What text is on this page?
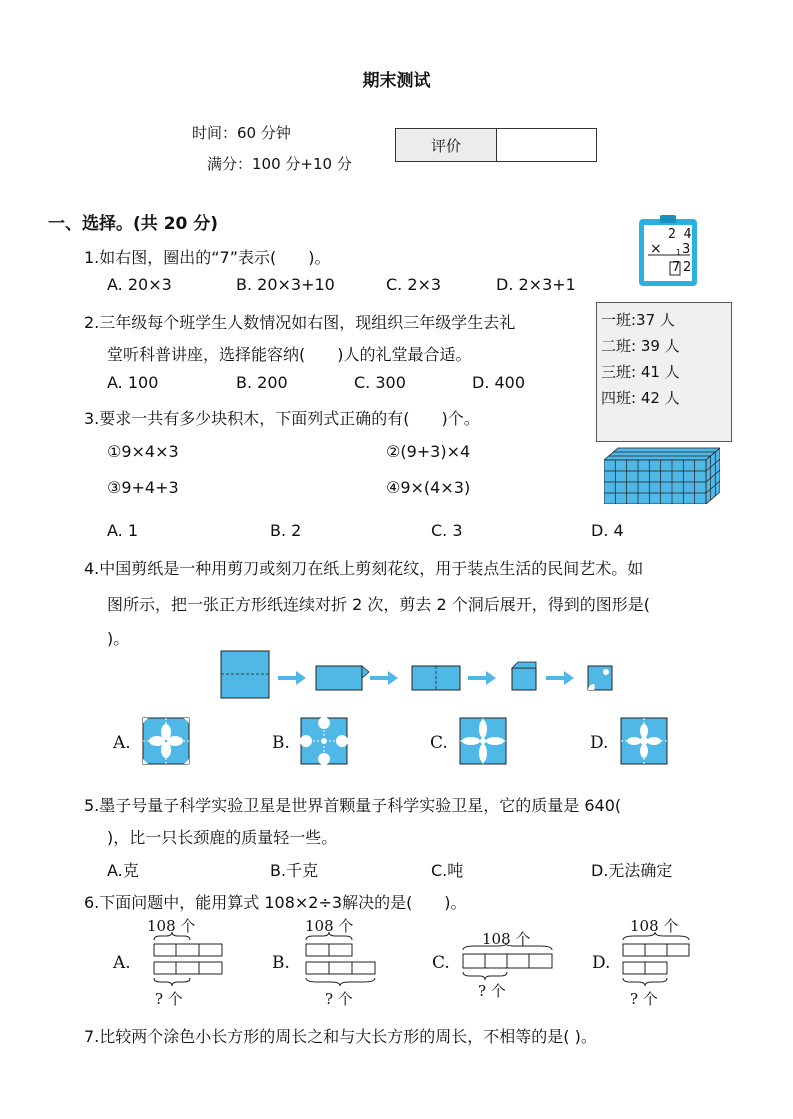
期末测试
时间：60 分钟
满分：100 分+10 分
评价
一、选择。(共 20 分)
1.如右图，圈出的“7”表示(　　)。
A. 20×3	B. 20×3+10	C. 2×3	D. 2×3+1
2 4
× 1 3
7 2
2.三年级每个班学生人数情况如右图，现组织三年级学生去礼
堂听科普讲座，选择能容纳(　　)人的礼堂最合适。
A. 100	B. 200	C. 300	D. 400
一班:37 人
二班: 39 人
三班: 41 人
四班: 42 人
3.要求一共有多少块积木，下面列式正确的有(　　)个。
①9×4×3	②(9+3)×4
③9+4+3	④9×(4×3)
A. 1	B. 2	C. 3	D. 4
4.中国剪纸是一种用剪刀或刻刀在纸上剪刻花纹，用于装点生活的民间艺术。如
图所示，把一张正方形纸连续对折 2 次，剪去 2 个洞后展开，得到的图形是(
)。
A.	B.	C.	D.
5.墨子号量子科学实验卫星是世界首颗量子科学实验卫星，它的质量是 640(
)，比一只长颈鹿的质量轻一些。
A.克	B.千克	C.吨	D.无法确定
6.下面问题中，能用算式 108×2÷3解决的是(　　)。
A.	B.	C.	D.
108 个
? 个
108 个
? 个
108 个
? 个
108 个
? 个
7.比较两个涂色小长方形的周长之和与大长方形的周长，不相等的是( )。
